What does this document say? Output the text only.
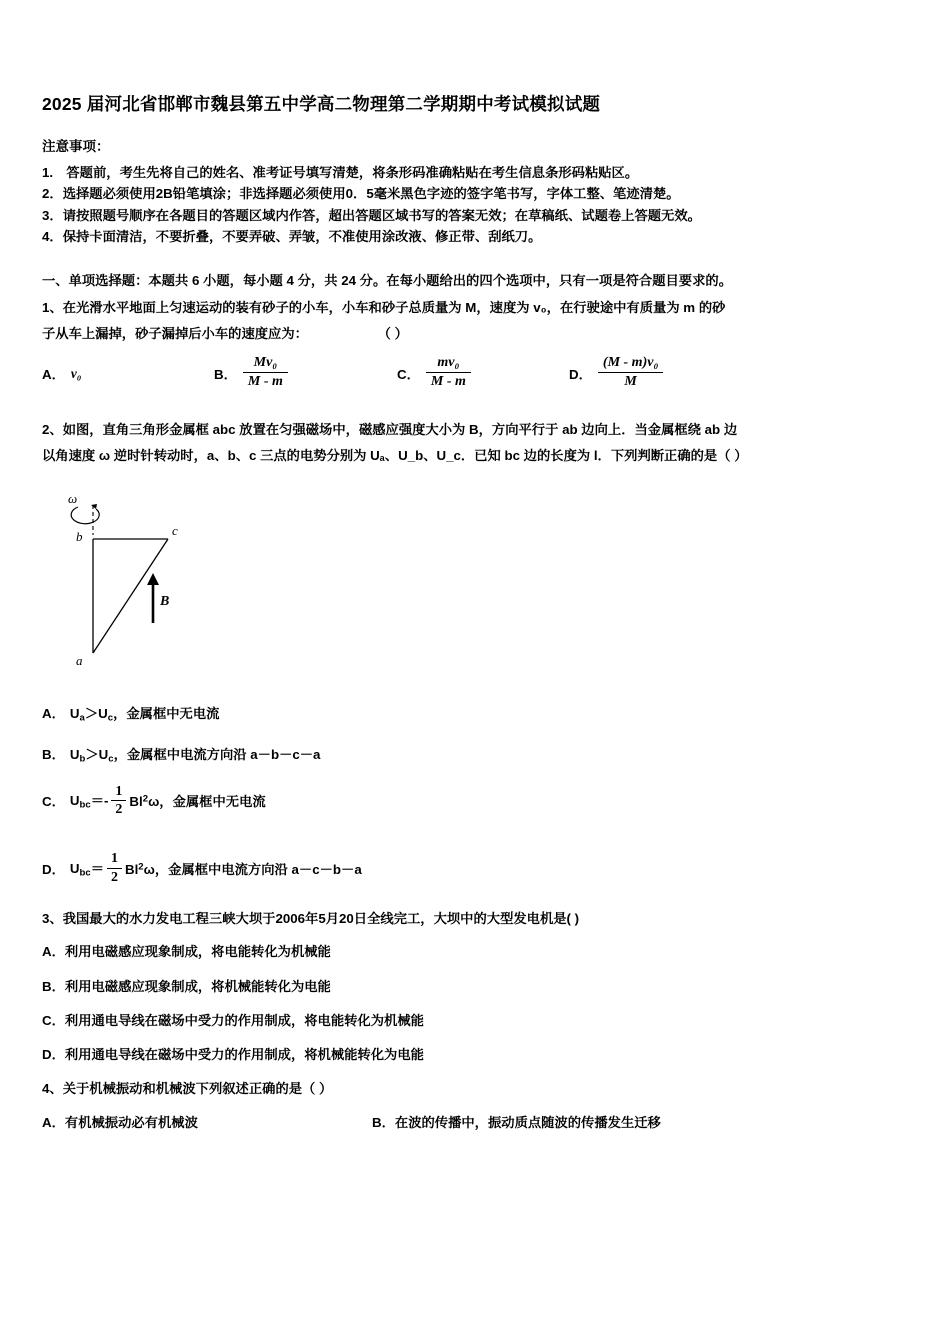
2025 届河北省邯郸市魏县第五中学高二物理第二学期期中考试模拟试题
注意事项：

1.　答题前，考生先将自己的姓名、准考证号填写清楚，将条形码准确粘贴在考生信息条形码粘贴区。

2．选择题必须使用2B铅笔填涂；非选择题必须使用0．5毫米黑色字迹的签字笔书写，字体工整、笔迹清楚。

3．请按照题号顺序在各题目的答题区域内作答，超出答题区域书写的答案无效；在草稿纸、试题卷上答题无效。

4．保持卡面清洁，不要折叠，不要弄破、弄皱，不准使用涂改液、修正带、刮纸刀。

一、单项选择题：本题共 6 小题，每小题 4 分，共 24 分。在每小题给出的四个选项中，只有一项是符合题目要求的。

1、在光滑水平地面上匀速运动的装有砂子的小车，小车和砂子总质量为 M，速度为 v₀，在行驶途中有质量为 m 的砂

子从车上漏掉，砂子漏掉后小车的速度应为：	（ ）

A． v₀	B． $\frac{\text{Mv₀}}{M - m}$	C． $\frac{\text{mv₀}}{M - m}$	D． $\frac{\text{(M - m)v₀}}{M}$

2、如图，直角三角形金属框 abc 放置在匀强磁场中，磁感应强度大小为 B，方向平行于 ab 边向上．当金属框绕 ab 边

以角速度 ω 逆时针转动时，a、b、c 三点的电势分别为 Uₐ、U_b、U_c．已知 bc 边的长度为 l．下列判断正确的是（ ）

ω
b	c
a
B
A． $U_a>U_c$，金属框中无电流
B． $U_b>U_c$，金属框中电流方向沿 a－b－c－a
C． $U_{bc}=- \frac{1}{2} Bl^2\omega$，金属框中无电流
D． $U_{bc}= \frac{1}{2} Bl^2\omega$，金属框中电流方向沿 a－c－b－a

3、我国最大的水力发电工程三峡大坝于2006年5月20日全线完工，大坝中的大型发电机是( )

A．利用电磁感应现象制成，将电能转化为机械能

B．利用电磁感应现象制成，将机械能转化为电能

C．利用通电导线在磁场中受力的作用制成，将电能转化为机械能

D．利用通电导线在磁场中受力的作用制成，将机械能转化为电能

4、关于机械振动和机械波下列叙述正确的是（ ）

A．有机械振动必有机械波	B．在波的传播中，振动质点随波的传播发生迁移
